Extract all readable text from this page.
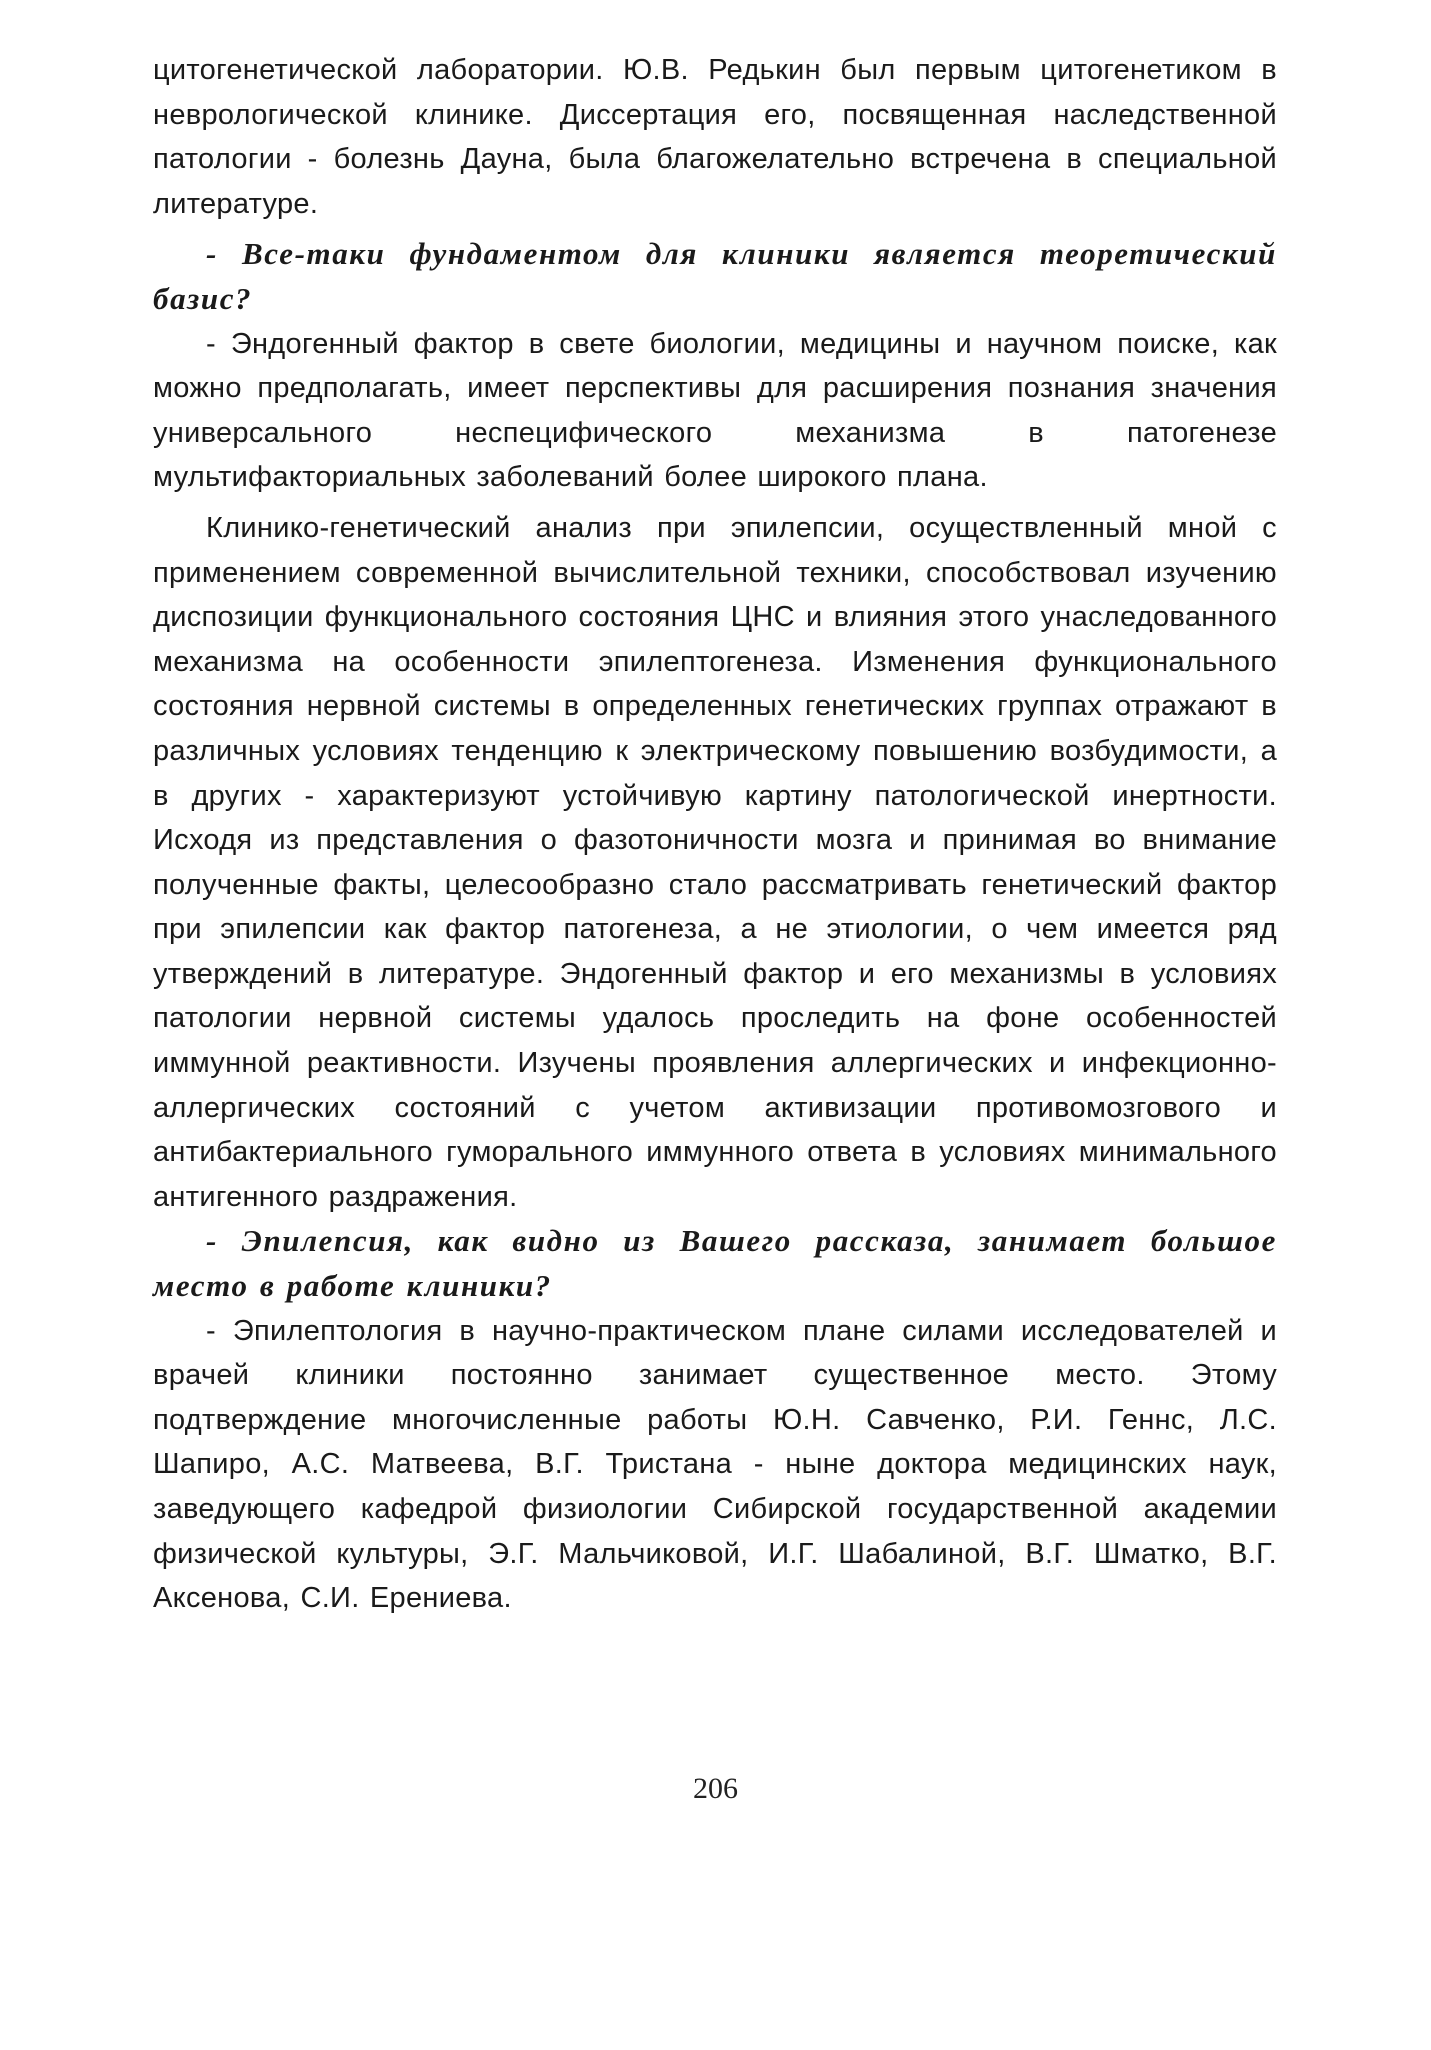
цитогенетической лаборатории. Ю.В. Редькин был первым цитогенетиком в неврологической клинике. Диссертация его, посвященная наследственной патологии - болезнь Дауна, была благожелательно встречена в специальной литературе.

- Все-таки фундаментом для клиники является теоретический базис?

- Эндогенный фактор в свете биологии, медицины и научном поиске, как можно предполагать, имеет перспективы для расширения познания значения универсального неспецифического механизма в патогенезе мультифакториальных заболеваний более широкого плана.

Клинико-генетический анализ при эпилепсии, осуществленный мной с применением современной вычислительной техники, способствовал изучению диспозиции функционального состояния ЦНС и влияния этого унаследованного механизма на особенности эпилептогенеза. Изменения функционального состояния нервной системы в определенных генетических группах отражают в различных условиях тенденцию к электрическому повышению возбудимости, а в других - характеризуют устойчивую картину патологической инертности. Исходя из представления о фазотоничности мозга и принимая во внимание полученные факты, целесообразно стало рассматривать генетический фактор при эпилепсии как фактор патогенеза, а не этиологии, о чем имеется ряд утверждений в литературе. Эндогенный фактор и его механизмы в условиях патологии нервной системы удалось проследить на фоне особенностей иммунной реактивности. Изучены проявления аллергических и инфекционно-аллергических состояний с учетом активизации противомозгового и антибактериального гуморального иммунного ответа в условиях минимального антигенного раздражения.

- Эпилепсия, как видно из Вашего рассказа, занимает большое место в работе клиники?

- Эпилептология в научно-практическом плане силами исследователей и врачей клиники постоянно занимает существенное место. Этому подтверждение многочисленные работы Ю.Н. Савченко, Р.И. Геннс, Л.С. Шапиро, А.С. Матвеева, В.Г. Тристана - ныне доктора медицинских наук, заведующего кафедрой физиологии Сибирской государственной академии физической культуры, Э.Г. Мальчиковой, И.Г. Шабалиной, В.Г. Шматко, В.Г. Аксенова, С.И. Ерениева.

206
